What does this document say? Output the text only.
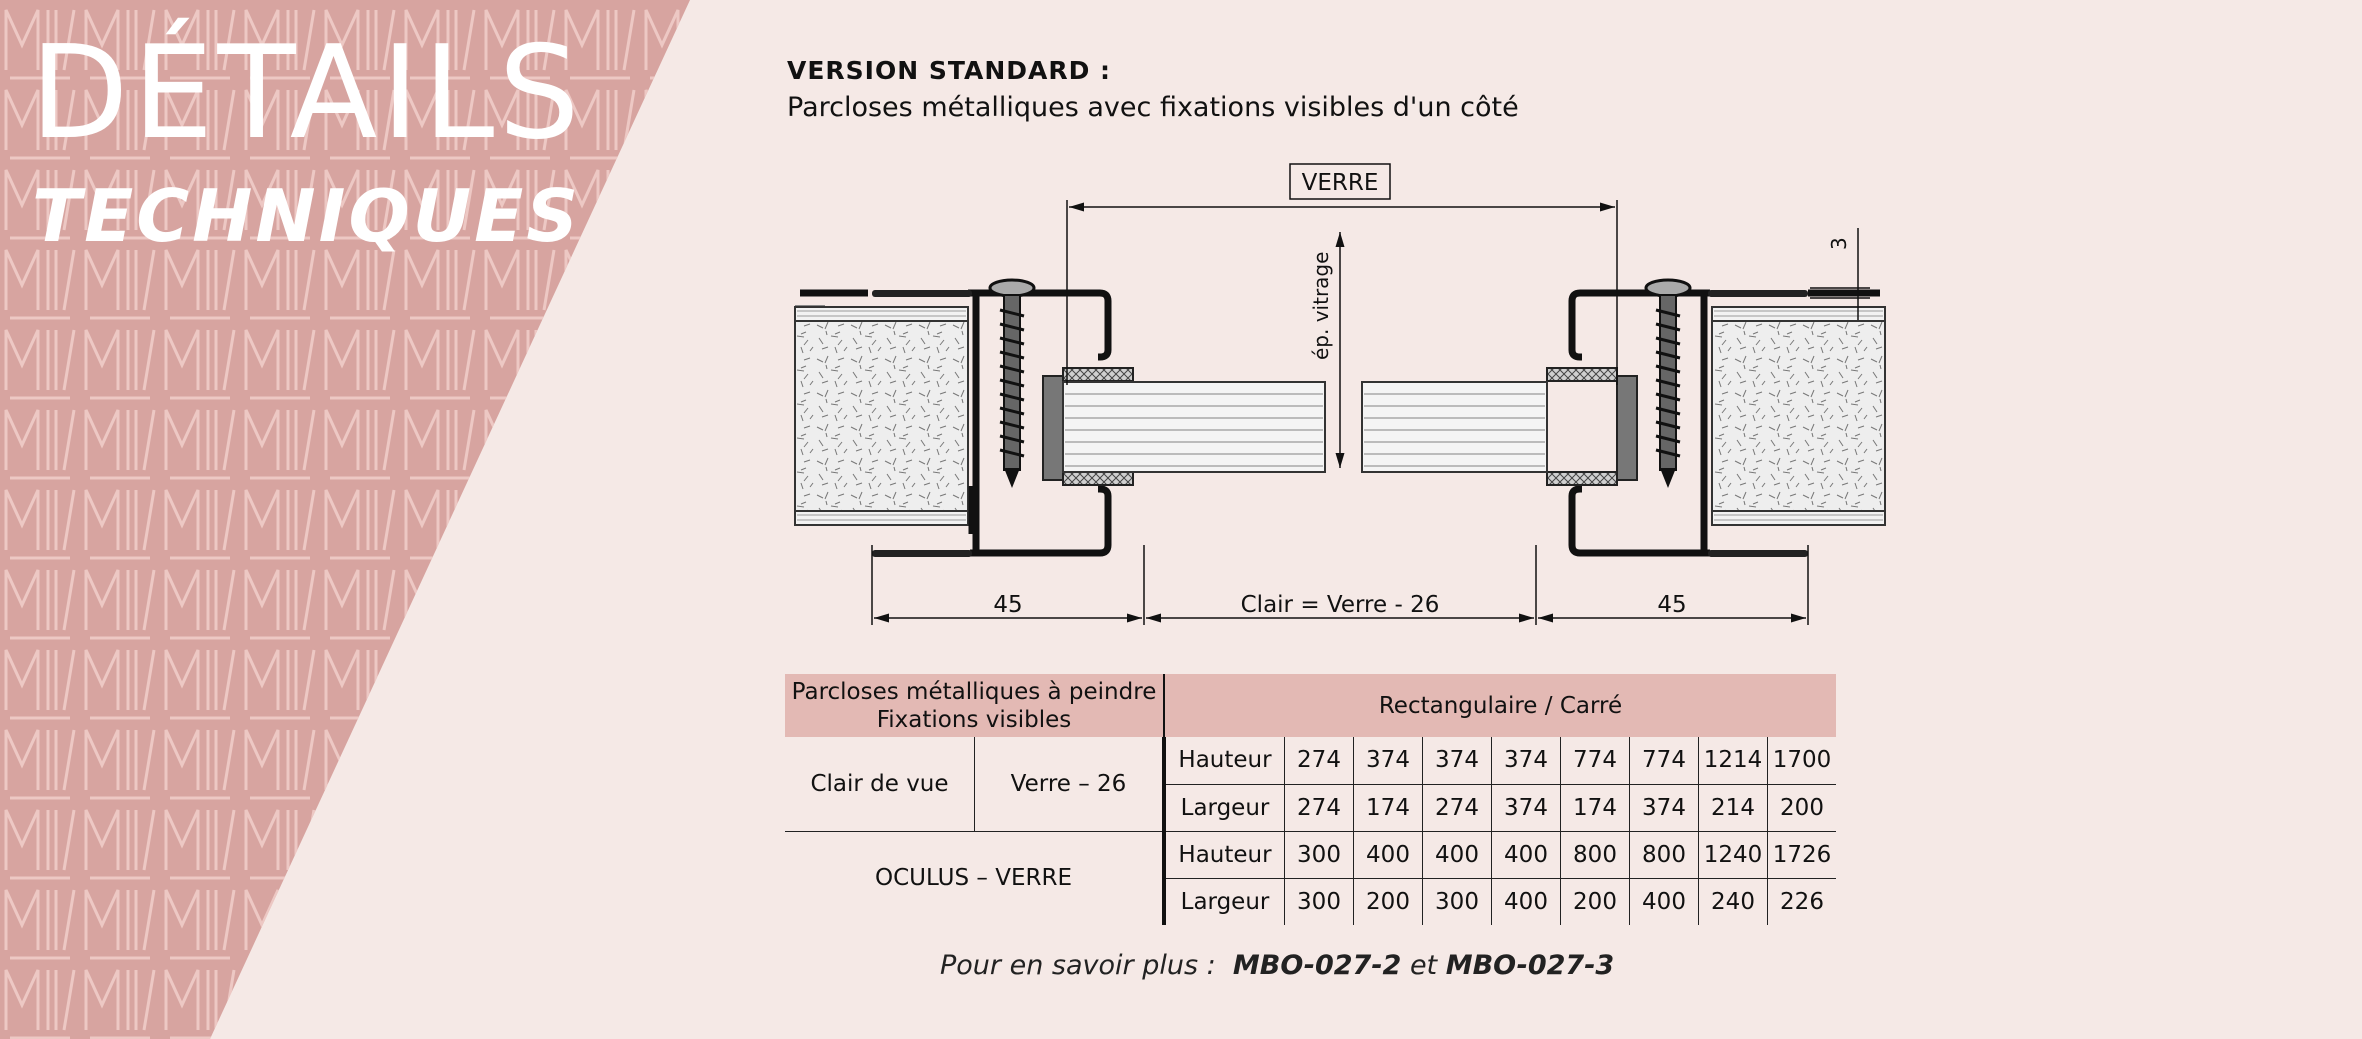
DÉTAILS
TECHNIQUES
VERSION STANDARD :
Parcloses métalliques avec fixations visibles d'un côté
VERRE
ép. vitrage
3
45	Clair = Verre - 26	45
Parcloses métalliques à peindre
Fixations visibles		Rectangulaire / Carré								
Clair de vue	Verre – 26	Hauteur	274	374	374	374	774	774	1214	1700
		Largeur	274	174	274	374	174	374	214	200
OCULUS – VERRE		Hauteur	300	400	400	400	800	800	1240	1726
		Largeur	300	200	300	400	200	400	240	226
Pour en savoir plus : MBO-027-2 et MBO-027-3
